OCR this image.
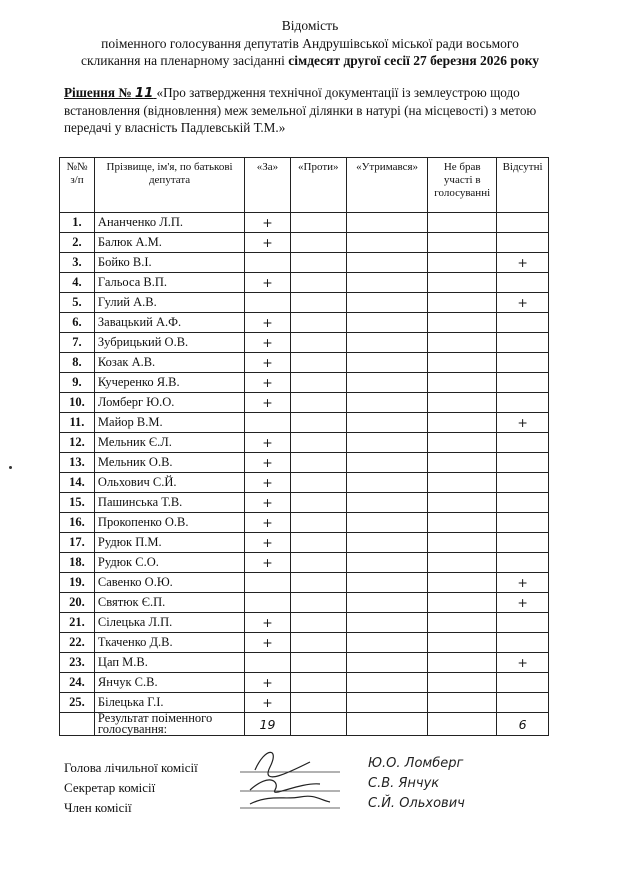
Відомість
поіменного голосування депутатів Андрушівської міської ради восьмого
скликання на пленарному засіданні сімдесят другої сесії 27 березня 2026 року
Рішення № 11 «Про затвердження технічної документації із землеустрою щодо встановлення (відновлення) меж земельної ділянки в натурі (на місцевості) з метою передачі у власність Падлевській Т.М.»
№№ з/п	Прізвище, ім'я, по батькові депутата	«За»	«Проти»	«Утримався»	Не брав участі в голосуванні	Відсутні
1.	Ананченко Л.П.	+				
2.	Балюк А.М.	+				
3.	Бойко В.І.					+
4.	Гальоса В.П.	+				
5.	Гулий А.В.					+
6.	Завацький А.Ф.	+				
7.	Зубрицький О.В.	+				
8.	Козак А.В.	+				
9.	Кучеренко Я.В.	+				
10.	Ломберг Ю.О.	+				
11.	Майор В.М.					+
12.	Мельник Є.Л.	+				
13.	Мельник О.В.	+				
14.	Ольхович С.Й.	+				
15.	Пашинська Т.В.	+				
16.	Прокопенко О.В.	+				
17.	Рудюк П.М.	+				
18.	Рудюк С.О.	+				
19.	Савенко О.Ю.					+
20.	Святюк Є.П.					+
21.	Сілецька Л.П.	+				
22.	Ткаченко Д.В.	+				
23.	Цап М.В.					+
24.	Янчук С.В.	+				
25.	Білецька Г.І.	+				
	Результат поіменного голосування:	19				6
Голова лічильної комісії
Секретар комісії
Член комісії
Ю.О. Ломберг
С.В. Янчук
С.Й. Ольхович
